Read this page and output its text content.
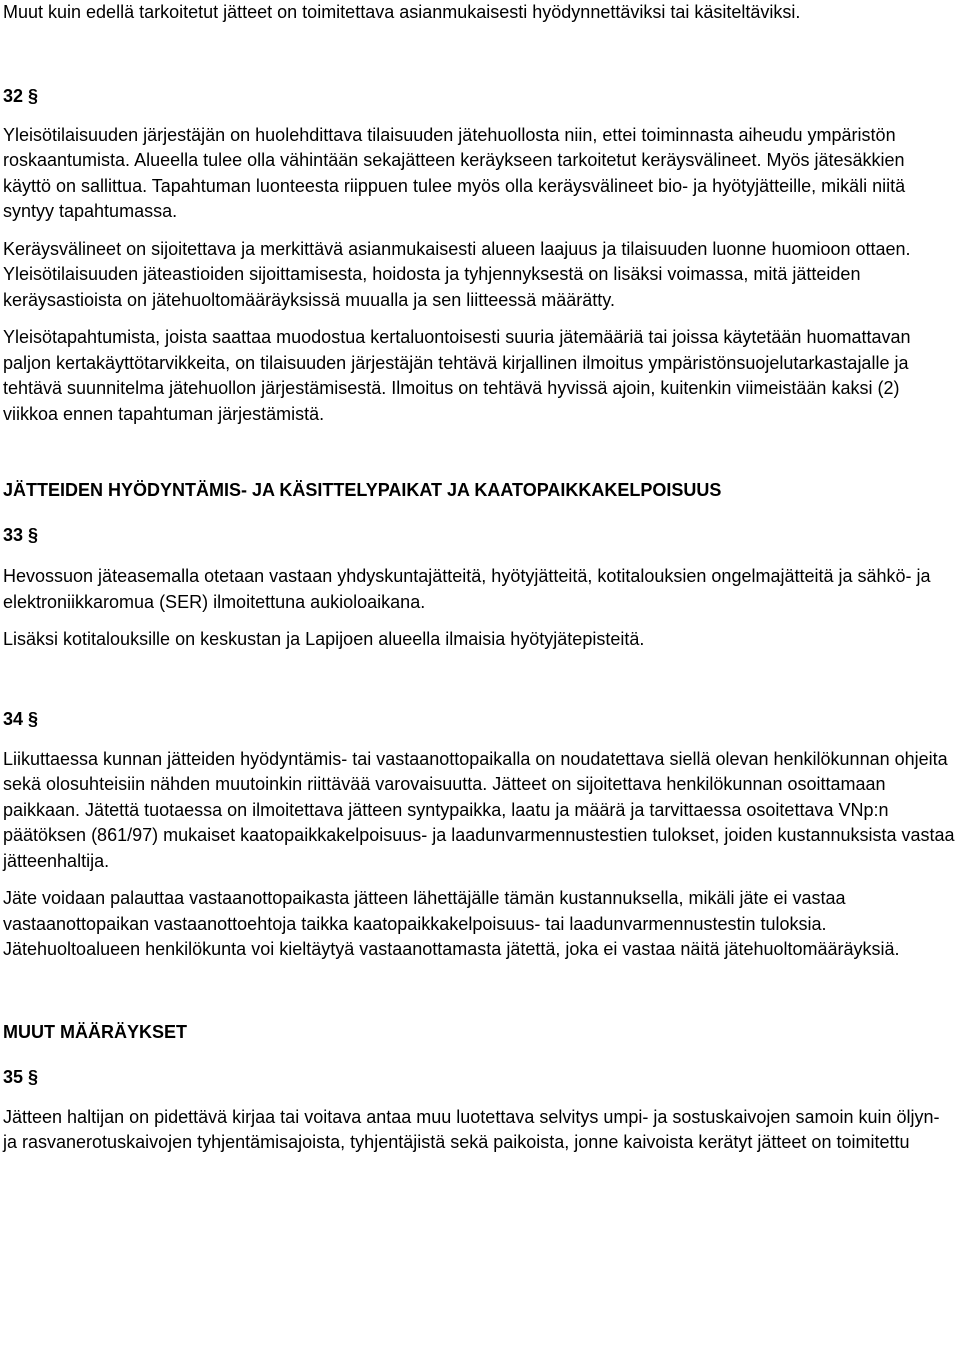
Muut kuin edellä tarkoitetut jätteet on toimitettava asianmukaisesti hyödynnettäviksi tai käsiteltäviksi.

32 §

Yleisötilaisuuden järjestäjän on huolehdittava tilaisuuden jätehuollosta niin, ettei toiminnasta aiheudu ympäristön roskaantumista. Alueella tulee olla vähintään sekajätteen keräykseen tarkoitetut keräysvälineet. Myös jätesäkkien käyttö on sallittua. Tapahtuman luonteesta riippuen tulee myös olla keräysvälineet bio- ja hyötyjätteille, mikäli niitä syntyy tapahtumassa.

Keräysvälineet on sijoitettava ja merkittävä asianmukaisesti alueen laajuus ja tilaisuuden luonne huomioon ottaen. Yleisötilaisuuden jäteastioiden sijoittamisesta, hoidosta ja tyhjennyksestä on lisäksi voimassa, mitä jätteiden keräysastioista on jätehuoltomääräyksissä muualla ja sen liitteessä määrätty.

Yleisötapahtumista, joista saattaa muodostua kertaluontoisesti suuria jätemääriä tai joissa käytetään huomattavan paljon kertakäyttötarvikkeita, on tilaisuuden järjestäjän tehtävä kirjallinen ilmoitus ympäristönsuojelutarkastajalle ja tehtävä suunnitelma jätehuollon järjestämisestä. Ilmoitus on tehtävä hyvissä ajoin, kuitenkin viimeistään kaksi (2) viikkoa ennen tapahtuman järjestämistä.

JÄTTEIDEN HYÖDYNTÄMIS- JA KÄSITTELYPAIKAT JA KAATOPAIKKAKELPOISUUS

33 §

Hevossuon jäteasemalla otetaan vastaan yhdyskuntajätteitä, hyötyjätteitä, kotitalouksien ongelmajätteitä ja sähkö- ja elektroniikkaromua (SER) ilmoitettuna aukioloaikana.

Lisäksi kotitalouksille on keskustan ja Lapijoen alueella ilmaisia hyötyjätepisteitä.

34 §

Liikuttaessa kunnan jätteiden hyödyntämis- tai vastaanottopaikalla on noudatettava siellä olevan henkilökunnan ohjeita sekä olosuhteisiin nähden muutoinkin riittävää varovaisuutta. Jätteet on sijoitettava henkilökunnan osoittamaan paikkaan. Jätettä tuotaessa on ilmoitettava jätteen syntypaikka, laatu ja määrä ja tarvittaessa osoitettava VNp:n päätöksen (861/97) mukaiset kaatopaikkakelpoisuus- ja laadunvarmennustestien tulokset, joiden kustannuksista vastaa jätteenhaltija.

Jäte voidaan palauttaa vastaanottopaikasta jätteen lähettäjälle tämän kustannuksella, mikäli jäte ei vastaa vastaanottopaikan vastaanottoehtoja taikka kaatopaikkakelpoisuus- tai laadunvarmennustestin tuloksia. Jätehuoltoalueen henkilökunta voi kieltäytyä vastaanottamasta jätettä, joka ei vastaa näitä jätehuoltomääräyksiä.

MUUT MÄÄRÄYKSET

35 §

Jätteen haltijan on pidettävä kirjaa tai voitava antaa muu luotettava selvitys umpi- ja sostuskaivojen samoin kuin öljyn- ja rasvanerotuskaivojen tyhjentämisajoista, tyhjentäjistä sekä paikoista, jonne kaivoista kerätyt jätteet on toimitettu
